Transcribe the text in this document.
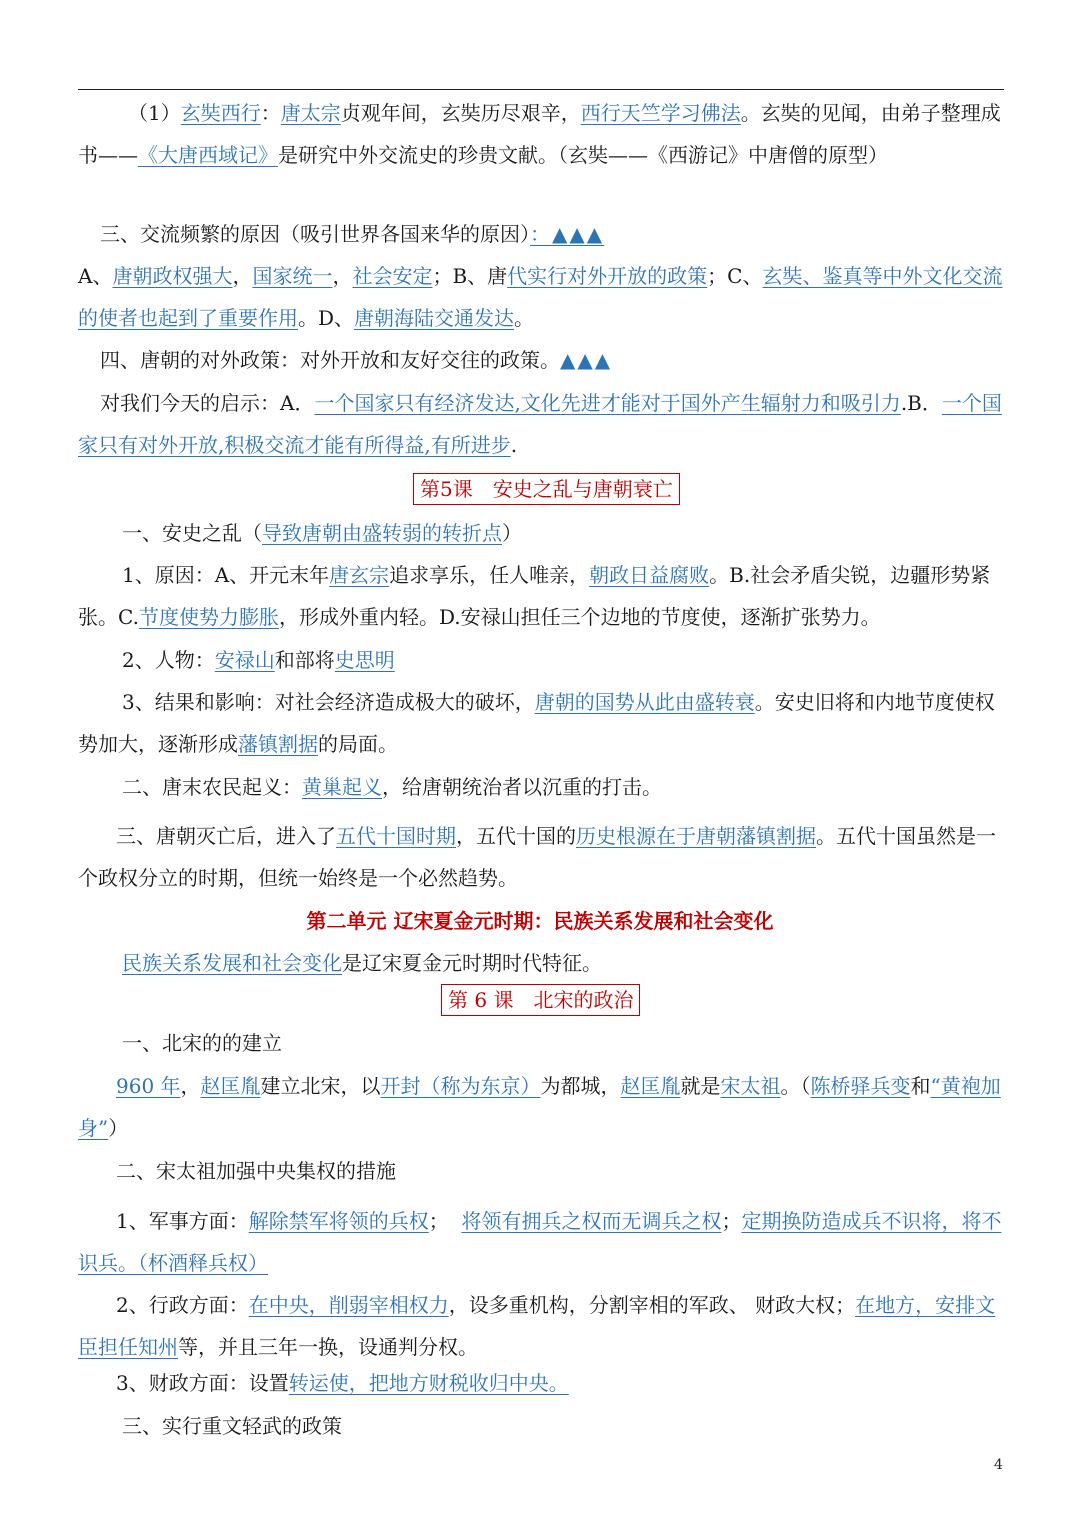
（1）玄奘西行：唐太宗贞观年间，玄奘历尽艰辛，西行天竺学习佛法。玄奘的见闻，由弟子整理成书——《大唐西域记》是研究中外交流史的珍贵文献。（玄奘——《西游记》中唐僧的原型）

三、交流频繁的原因（吸引世界各国来华的原因）：▲▲▲

A、唐朝政权强大，国家统一，社会安定；B、唐代实行对外开放的政策；C、玄奘、鉴真等中外文化交流的使者也起到了重要作用。D、唐朝海陆交通发达。

四、唐朝的对外政策：对外开放和友好交往的政策。▲▲▲

对我们今天的启示：A．一个国家只有经济发达,文化先进才能对于国外产生辐射力和吸引力.B．一个国家只有对外开放,积极交流才能有所得益,有所进步.

第5课　安史之乱与唐朝衰亡

一、安史之乱（导致唐朝由盛转弱的转折点）

1、原因：A、开元末年唐玄宗追求享乐，任人唯亲，朝政日益腐败。B.社会矛盾尖锐，边疆形势紧张。C.节度使势力膨胀，形成外重内轻。D.安禄山担任三个边地的节度使，逐渐扩张势力。

2、人物：安禄山和部将史思明

3、结果和影响：对社会经济造成极大的破坏，唐朝的国势从此由盛转衰。安史旧将和内地节度使权势加大，逐渐形成藩镇割据的局面。

二、唐末农民起义：黄巢起义，给唐朝统治者以沉重的打击。

三、唐朝灭亡后，进入了五代十国时期，五代十国的历史根源在于唐朝藩镇割据。五代十国虽然是一个政权分立的时期，但统一始终是一个必然趋势。

第二单元 辽宋夏金元时期：民族关系发展和社会变化

民族关系发展和社会变化是辽宋夏金元时期时代特征。

第 6 课　北宋的政治

一、北宋的的建立

960 年，赵匡胤建立北宋，以开封（称为东京）为都城，赵匡胤就是宋太祖。（陈桥驿兵变和“黄袍加身”）

二、宋太祖加强中央集权的措施

1、军事方面：解除禁军将领的兵权；  将领有拥兵之权而无调兵之权；定期换防造成兵不识将，将不识兵。（杯酒释兵权）

2、行政方面：在中央，削弱宰相权力，设多重机构，分割宰相的军政、 财政大权；在地方，安排文臣担任知州等，并且三年一换，设通判分权。

3、财政方面：设置转运使，把地方财税收归中央。

三、实行重文轻武的政策

4
